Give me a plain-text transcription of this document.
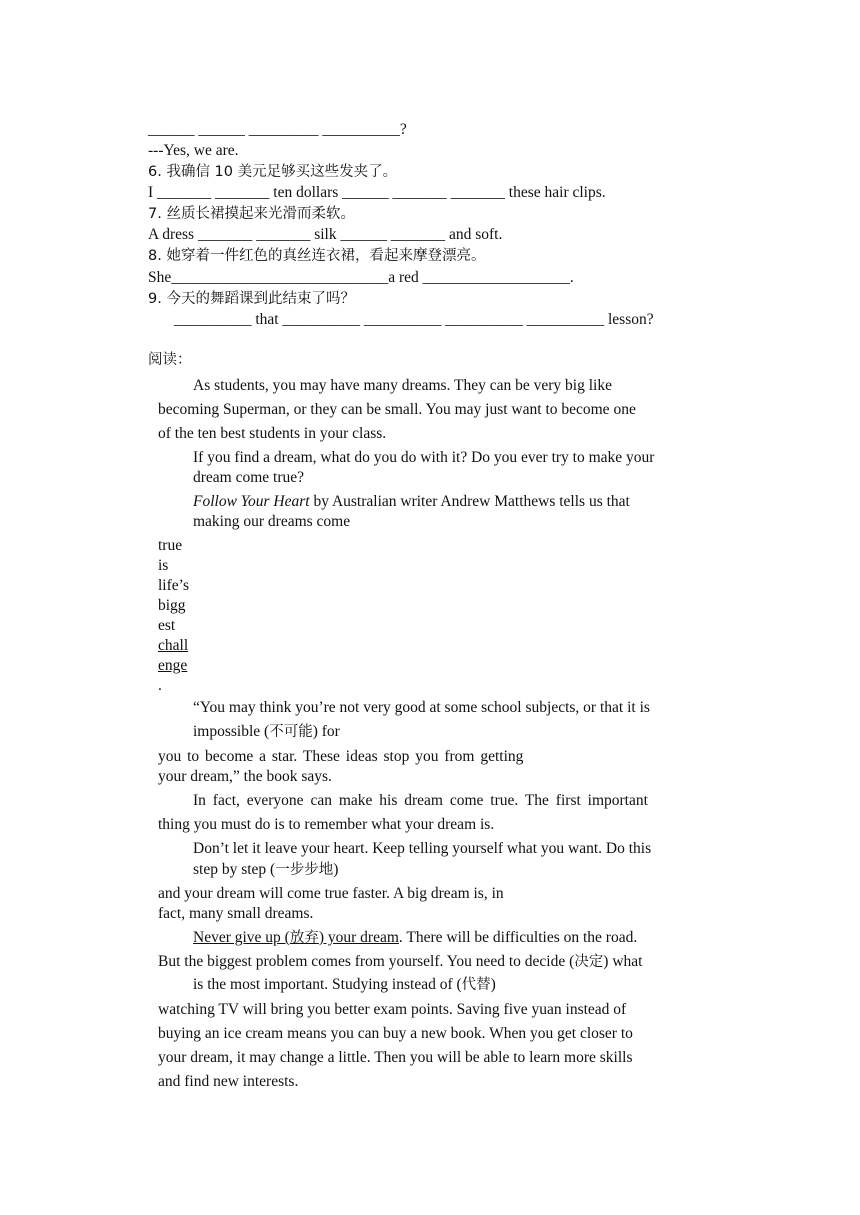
______ ______ _________ __________?
---Yes, we are.
6. 我确信 10 美元足够买这些发夹了。
I _______ _______ ten dollars ______ _______ _______ these hair clips.
7. 丝质长裙摸起来光滑而柔软。
A dress _______ _______ silk ______ _______ and soft.
8. 她穿着一件红色的真丝连衣裙，看起来摩登漂亮。
She____________________________a red ___________________.
9. 今天的舞蹈课到此结束了吗？
__________ that __________ __________ __________ __________ lesson?
阅读：
As students, you may have many dreams. They can be very big like
becoming Superman, or they can be small. You may just want to become one
of the ten best students in your class.
If you find a dream, what do you do with it? Do you ever try to make your
dream come true?
Follow Your Heart by Australian writer Andrew Matthews tells us that
making our dreams come
true
is
life’s
bigg
est
chall
enge
.
“You may think you’re not very good at some school subjects, or that it is
impossible (不可能) for
you to become a star. These ideas stop you from getting
your dream,” the book says.
In fact, everyone can make his dream come true. The first important
thing you must do is to remember what your dream is.
Don’t let it leave your heart. Keep telling yourself what you want. Do this
step by step (一步步地)
and your dream will come true faster. A big dream is, in
fact, many small dreams.
Never give up (放弃) your dream. There will be difficulties on the road.
But the biggest problem comes from yourself. You need to decide (决定) what
is the most important. Studying instead of (代替)
watching TV will bring you better exam points. Saving five yuan instead of
buying an ice cream means you can buy a new book. When you get closer to
your dream, it may change a little. Then you will be able to learn more skills
and find new interests.
